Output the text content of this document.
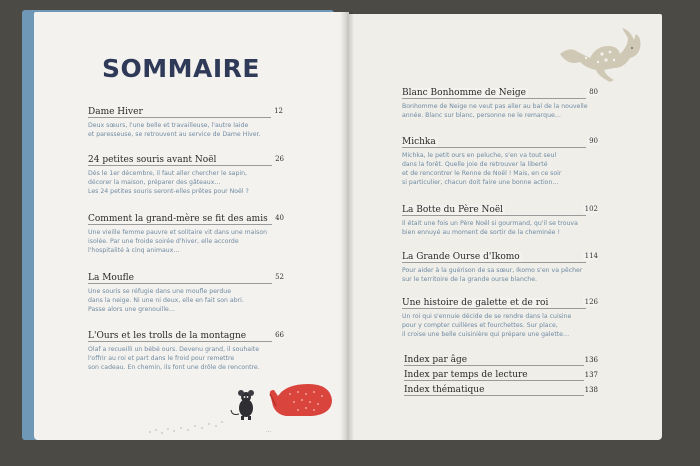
SOMMAIRE
Dame Hiver	12
Deux sœurs, l'une belle et travailleuse, l'autre laide
et paresseuse, se retrouvent au service de Dame Hiver.
24 petites souris avant Noël	26
Dès le 1er décembre, il faut aller chercher le sapin,
décorer la maison, préparer des gâteaux…
Les 24 petites souris seront-elles prêtes pour Noël ?
Comment la grand-mère se fit des amis 40
Une vieille femme pauvre et solitaire vit dans une maison
isolée. Par une froide soirée d'hiver, elle accorde
l'hospitalité à cinq animaux…
La Moufle	52
Une souris se réfugie dans une moufle perdue
dans la neige. Ni une ni deux, elle en fait son abri.
Passe alors une grenouille…
L'Ours et les trolls de la montagne	66
Olaf a recueilli un bébé ours. Devenu grand, il souhaite
l'offrir au roi et part dans le froid pour remettre
son cadeau. En chemin, ils font une drôle de rencontre.
…
Blanc Bonhomme de Neige	80
Bonhomme de Neige ne veut pas aller au bal de la nouvelle
année. Blanc sur blanc, personne ne le remarque…
Michka	90
Michka, le petit ours en peluche, s'en va tout seul
dans la forêt. Quelle joie de retrouver la liberté
et de rencontrer le Renne de Noël ! Mais, en ce soir
si particulier, chacun doit faire une bonne action…
La Botte du Père Noël	102
Il était une fois un Père Noël si gourmand, qu'il se trouva
bien ennuyé au moment de sortir de la cheminée !
La Grande Ourse d'Ikomo	114
Pour aider à la guérison de sa sœur, Ikomo s'en va pêcher
sur le territoire de la grande ourse blanche.
Une histoire de galette et de roi	126
Un roi qui s'ennuie décide de se rendre dans la cuisine
pour y compter cuillères et fourchettes. Sur place,
il croise une belle cuisinière qui prépare une galette…
Index par âge	136
Index par temps de lecture	137
Index thématique	138
